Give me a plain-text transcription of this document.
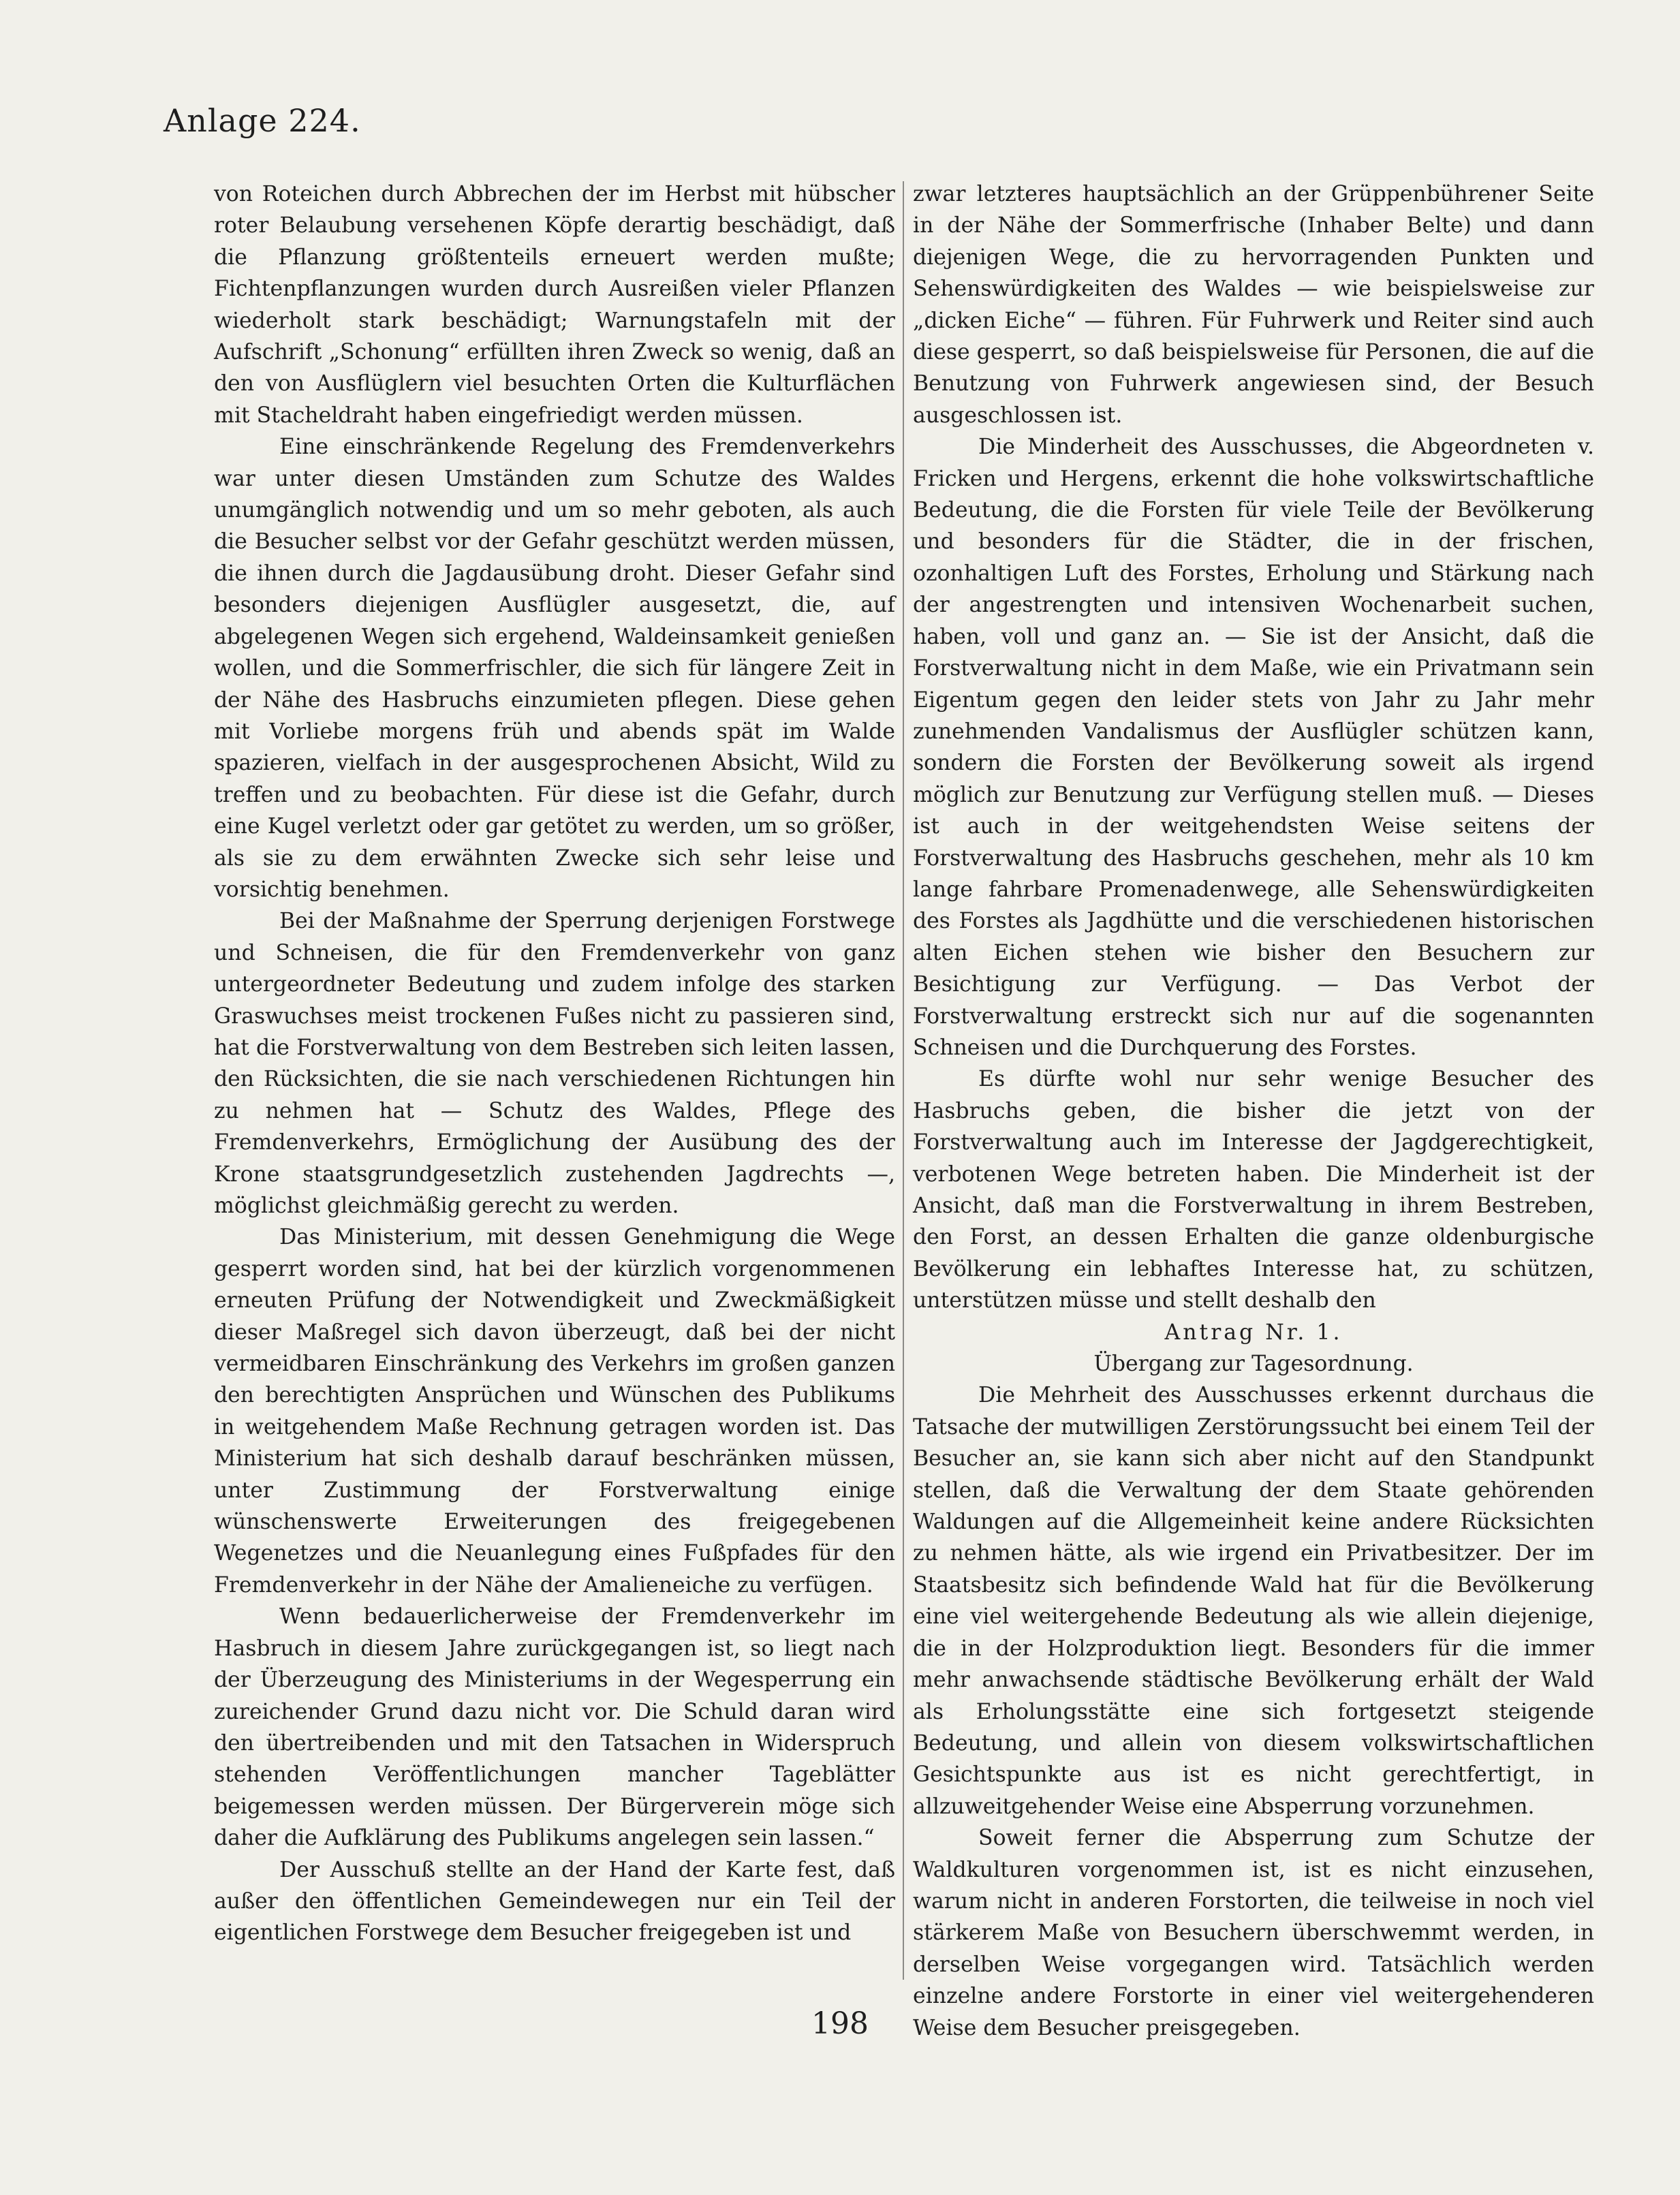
Anlage 224.

von Roteichen durch Abbrechen der im Herbst mit hübscher roter Belaubung versehenen Köpfe derartig beschädigt, daß die Pflanzung größtenteils erneuert werden mußte; Fichtenpflanzungen wurden durch Ausreißen vieler Pflanzen wiederholt stark beschädigt; Warnungstafeln mit der Aufschrift „Schonung“ erfüllten ihren Zweck so wenig, daß an den von Ausflüglern viel besuchten Orten die Kulturflächen mit Stacheldraht haben eingefriedigt werden müssen.

Eine einschränkende Regelung des Fremdenverkehrs war unter diesen Umständen zum Schutze des Waldes unumgänglich notwendig und um so mehr geboten, als auch die Besucher selbst vor der Gefahr geschützt werden müssen, die ihnen durch die Jagdausübung droht. Dieser Gefahr sind besonders diejenigen Ausflügler ausgesetzt, die, auf abgelegenen Wegen sich ergehend, Waldeinsamkeit genießen wollen, und die Sommerfrischler, die sich für längere Zeit in der Nähe des Hasbruchs einzumieten pflegen. Diese gehen mit Vorliebe morgens früh und abends spät im Walde spazieren, vielfach in der ausgesprochenen Absicht, Wild zu treffen und zu beobachten. Für diese ist die Gefahr, durch eine Kugel verletzt oder gar getötet zu werden, um so größer, als sie zu dem erwähnten Zwecke sich sehr leise und vorsichtig benehmen.

Bei der Maßnahme der Sperrung derjenigen Forstwege und Schneisen, die für den Fremdenverkehr von ganz untergeordneter Bedeutung und zudem infolge des starken Graswuchses meist trockenen Fußes nicht zu passieren sind, hat die Forstverwaltung von dem Bestreben sich leiten lassen, den Rücksichten, die sie nach verschiedenen Richtungen hin zu nehmen hat — Schutz des Waldes, Pflege des Fremdenverkehrs, Ermöglichung der Ausübung des der Krone staatsgrundgesetzlich zustehenden Jagdrechts —, möglichst gleichmäßig gerecht zu werden.

Das Ministerium, mit dessen Genehmigung die Wege gesperrt worden sind, hat bei der kürzlich vorgenommenen erneuten Prüfung der Notwendigkeit und Zweckmäßigkeit dieser Maßregel sich davon überzeugt, daß bei der nicht vermeidbaren Einschränkung des Verkehrs im großen ganzen den berechtigten Ansprüchen und Wünschen des Publikums in weitgehendem Maße Rechnung getragen worden ist. Das Ministerium hat sich deshalb darauf beschränken müssen, unter Zustimmung der Forstverwaltung einige wünschenswerte Erweiterungen des freigegebenen Wegenetzes und die Neuanlegung eines Fußpfades für den Fremdenverkehr in der Nähe der Amalieneiche zu verfügen.

Wenn bedauerlicherweise der Fremdenverkehr im Hasbruch in diesem Jahre zurückgegangen ist, so liegt nach der Überzeugung des Ministeriums in der Wegesperrung ein zureichender Grund dazu nicht vor. Die Schuld daran wird den übertreibenden und mit den Tatsachen in Widerspruch stehenden Veröffentlichungen mancher Tageblätter beigemessen werden müssen. Der Bürgerverein möge sich daher die Aufklärung des Publikums angelegen sein lassen.“

Der Ausschuß stellte an der Hand der Karte fest, daß außer den öffentlichen Gemeindewegen nur ein Teil der eigentlichen Forstwege dem Besucher freigegeben ist und

zwar letzteres hauptsächlich an der Grüppenbührener Seite in der Nähe der Sommerfrische (Inhaber Belte) und dann diejenigen Wege, die zu hervorragenden Punkten und Sehenswürdigkeiten des Waldes — wie beispielsweise zur „dicken Eiche“ — führen. Für Fuhrwerk und Reiter sind auch diese gesperrt, so daß beispielsweise für Personen, die auf die Benutzung von Fuhrwerk angewiesen sind, der Besuch ausgeschlossen ist.

Die Minderheit des Ausschusses, die Abgeordneten v. Fricken und Hergens, erkennt die hohe volkswirtschaftliche Bedeutung, die die Forsten für viele Teile der Bevölkerung und besonders für die Städter, die in der frischen, ozonhaltigen Luft des Forstes, Erholung und Stärkung nach der angestrengten und intensiven Wochenarbeit suchen, haben, voll und ganz an. — Sie ist der Ansicht, daß die Forstverwaltung nicht in dem Maße, wie ein Privatmann sein Eigentum gegen den leider stets von Jahr zu Jahr mehr zunehmenden Vandalismus der Ausflügler schützen kann, sondern die Forsten der Bevölkerung soweit als irgend möglich zur Benutzung zur Verfügung stellen muß. — Dieses ist auch in der weitgehendsten Weise seitens der Forstverwaltung des Hasbruchs geschehen, mehr als 10 km lange fahrbare Promenadenwege, alle Sehenswürdigkeiten des Forstes als Jagdhütte und die verschiedenen historischen alten Eichen stehen wie bisher den Besuchern zur Besichtigung zur Verfügung. — Das Verbot der Forstverwaltung erstreckt sich nur auf die sogenannten Schneisen und die Durchquerung des Forstes.

Es dürfte wohl nur sehr wenige Besucher des Hasbruchs geben, die bisher die jetzt von der Forstverwaltung auch im Interesse der Jagdgerechtigkeit, verbotenen Wege betreten haben. Die Minderheit ist der Ansicht, daß man die Forstverwaltung in ihrem Bestreben, den Forst, an dessen Erhalten die ganze oldenburgische Bevölkerung ein lebhaftes Interesse hat, zu schützen, unterstützen müsse und stellt deshalb den

Antrag Nr. 1.

Übergang zur Tagesordnung.

Die Mehrheit des Ausschusses erkennt durchaus die Tatsache der mutwilligen Zerstörungssucht bei einem Teil der Besucher an, sie kann sich aber nicht auf den Standpunkt stellen, daß die Verwaltung der dem Staate gehörenden Waldungen auf die Allgemeinheit keine andere Rücksichten zu nehmen hätte, als wie irgend ein Privatbesitzer. Der im Staatsbesitz sich befindende Wald hat für die Bevölkerung eine viel weitergehende Bedeutung als wie allein diejenige, die in der Holzproduktion liegt. Besonders für die immer mehr anwachsende städtische Bevölkerung erhält der Wald als Erholungsstätte eine sich fortgesetzt steigende Bedeutung, und allein von diesem volkswirtschaftlichen Gesichtspunkte aus ist es nicht gerechtfertigt, in allzuweitgehender Weise eine Absperrung vorzunehmen.

Soweit ferner die Absperrung zum Schutze der Waldkulturen vorgenommen ist, ist es nicht einzusehen, warum nicht in anderen Forstorten, die teilweise in noch viel stärkerem Maße von Besuchern überschwemmt werden, in derselben Weise vorgegangen wird. Tatsächlich werden einzelne andere Forstorte in einer viel weitergehenderen Weise dem Besucher preisgegeben.

198
